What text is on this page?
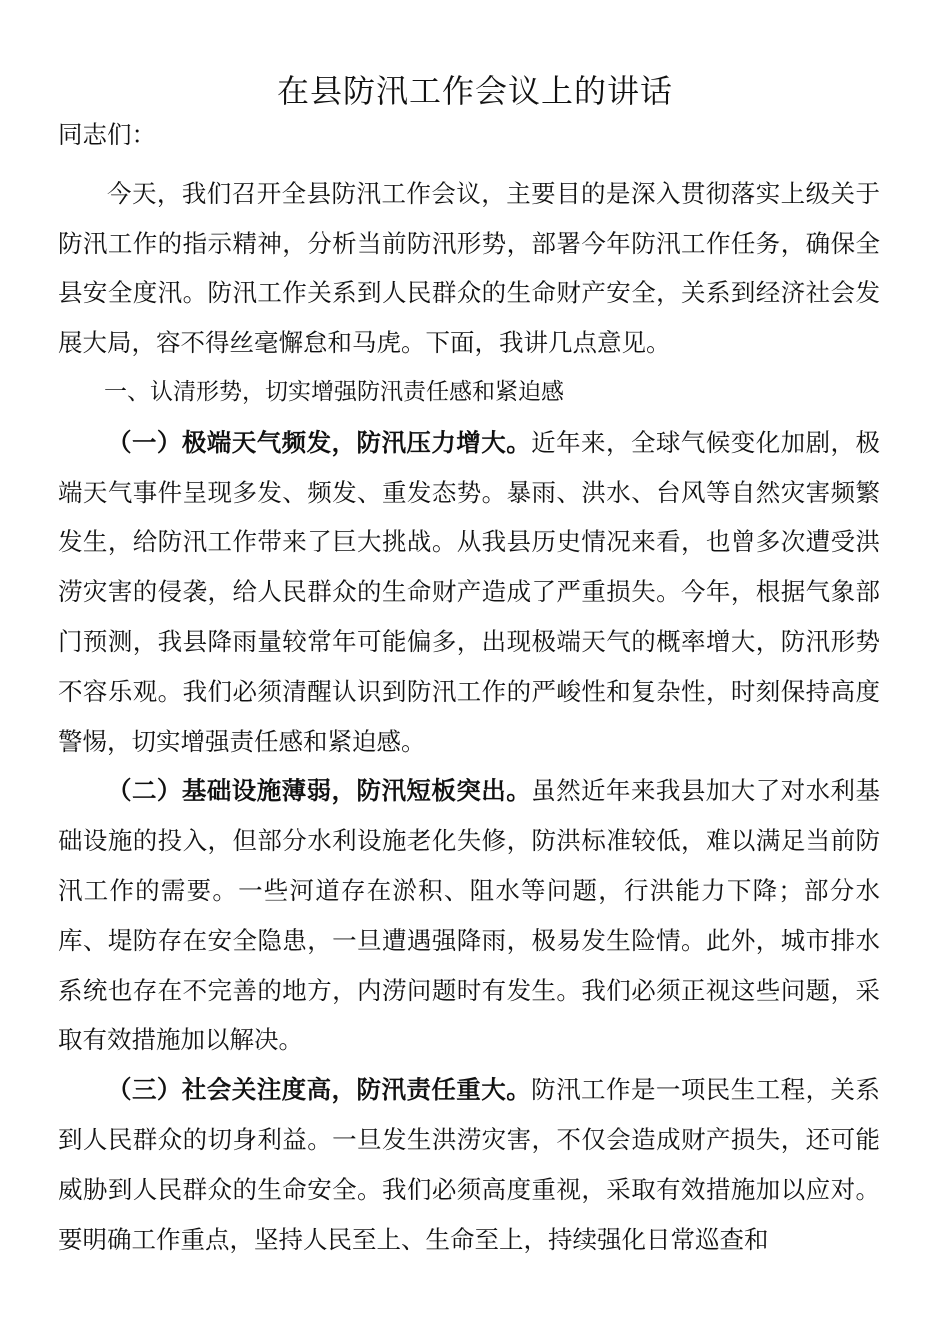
在县防汛工作会议上的讲话

同志们：

今天，我们召开全县防汛工作会议，主要目的是深入贯彻落实上级关于防汛工作的指示精神，分析当前防汛形势，部署今年防汛工作任务，确保全县安全度汛。防汛工作关系到人民群众的生命财产安全，关系到经济社会发展大局，容不得丝毫懈怠和马虎。下面，我讲几点意见。

一、认清形势，切实增强防汛责任感和紧迫感

（一）极端天气频发，防汛压力增大。近年来，全球气候变化加剧，极端天气事件呈现多发、频发、重发态势。暴雨、洪水、台风等自然灾害频繁发生，给防汛工作带来了巨大挑战。从我县历史情况来看，也曾多次遭受洪涝灾害的侵袭，给人民群众的生命财产造成了严重损失。今年，根据气象部门预测，我县降雨量较常年可能偏多，出现极端天气的概率增大，防汛形势不容乐观。我们必须清醒认识到防汛工作的严峻性和复杂性，时刻保持高度警惕，切实增强责任感和紧迫感。

（二）基础设施薄弱，防汛短板突出。虽然近年来我县加大了对水利基础设施的投入，但部分水利设施老化失修，防洪标准较低，难以满足当前防汛工作的需要。一些河道存在淤积、阻水等问题，行洪能力下降；部分水库、堤防存在安全隐患，一旦遭遇强降雨，极易发生险情。此外，城市排水系统也存在不完善的地方，内涝问题时有发生。我们必须正视这些问题，采取有效措施加以解决。

（三）社会关注度高，防汛责任重大。防汛工作是一项民生工程，关系到人民群众的切身利益。一旦发生洪涝灾害，不仅会造成财产损失，还可能威胁到人民群众的生命安全。我们必须高度重视，采取有效措施加以应对。要明确工作重点，坚持人民至上、生命至上，持续强化日常巡查和
